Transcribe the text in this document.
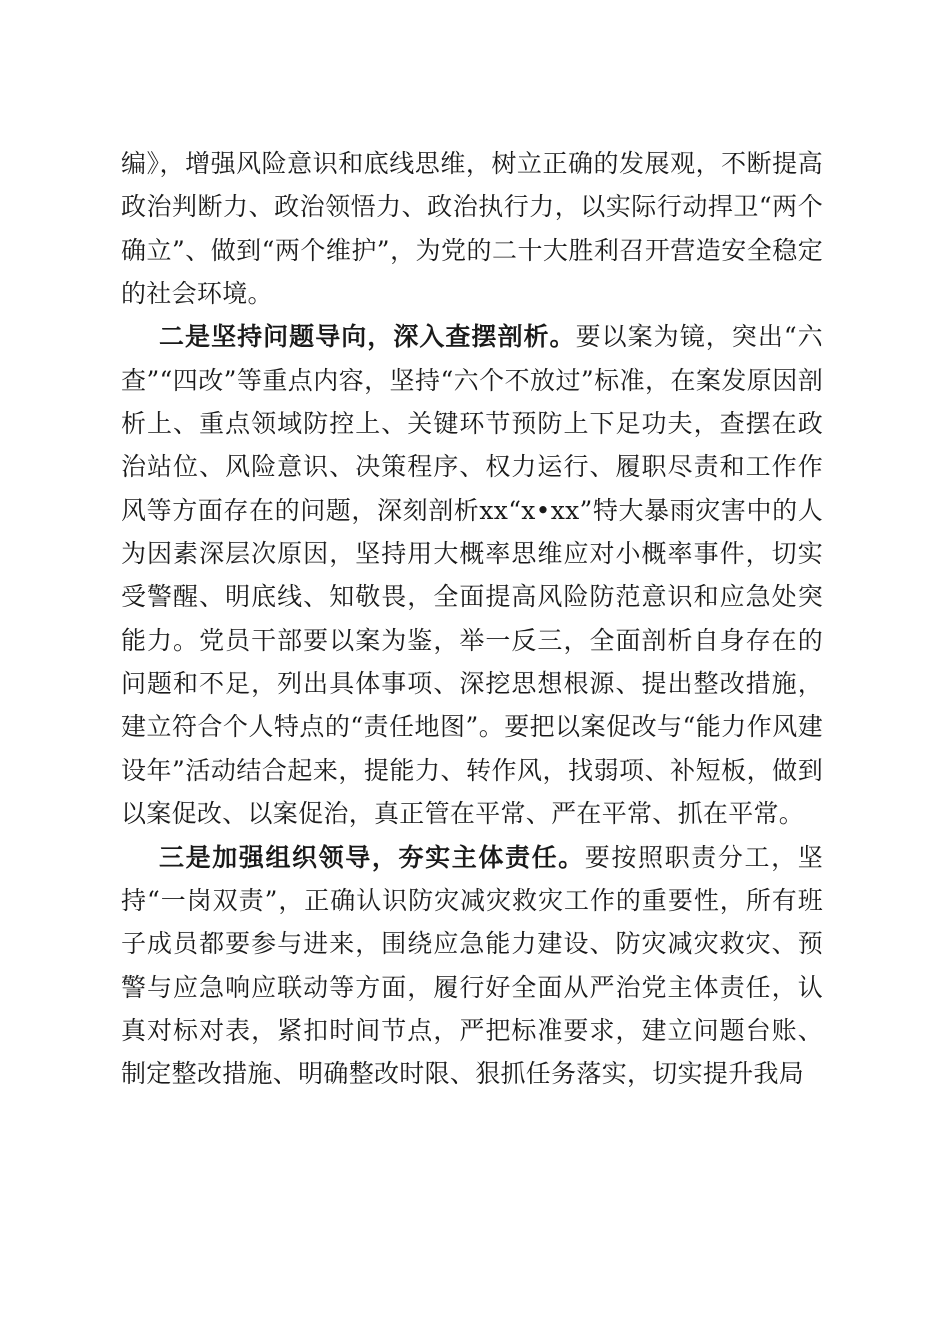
编》，增强风险意识和底线思维，树立正确的发展观，不断提高政治判断力、政治领悟力、政治执行力，以实际行动捍卫“两个确立”、做到“两个维护”，为党的二十大胜利召开营造安全稳定的社会环境。

二是坚持问题导向，深入查摆剖析。要以案为镜，突出“六查”“四改”等重点内容，坚持“六个不放过”标准，在案发原因剖析上、重点领域防控上、关键环节预防上下足功夫，查摆在政治站位、风险意识、决策程序、权力运行、履职尽责和工作作风等方面存在的问题，深刻剖析xx“x•xx”特大暴雨灾害中的人为因素深层次原因，坚持用大概率思维应对小概率事件，切实受警醒、明底线、知敬畏，全面提高风险防范意识和应急处突能力。党员干部要以案为鉴，举一反三，全面剖析自身存在的问题和不足，列出具体事项、深挖思想根源、提出整改措施，建立符合个人特点的“责任地图”。要把以案促改与“能力作风建设年”活动结合起来，提能力、转作风，找弱项、补短板，做到以案促改、以案促治，真正管在平常、严在平常、抓在平常。

三是加强组织领导，夯实主体责任。要按照职责分工，坚持“一岗双责”，正确认识防灾减灾救灾工作的重要性，所有班子成员都要参与进来，围绕应急能力建设、防灾减灾救灾、预警与应急响应联动等方面，履行好全面从严治党主体责任，认真对标对表，紧扣时间节点，严把标准要求，建立问题台账、制定整改措施、明确整改时限、狠抓任务落实，切实提升我局
